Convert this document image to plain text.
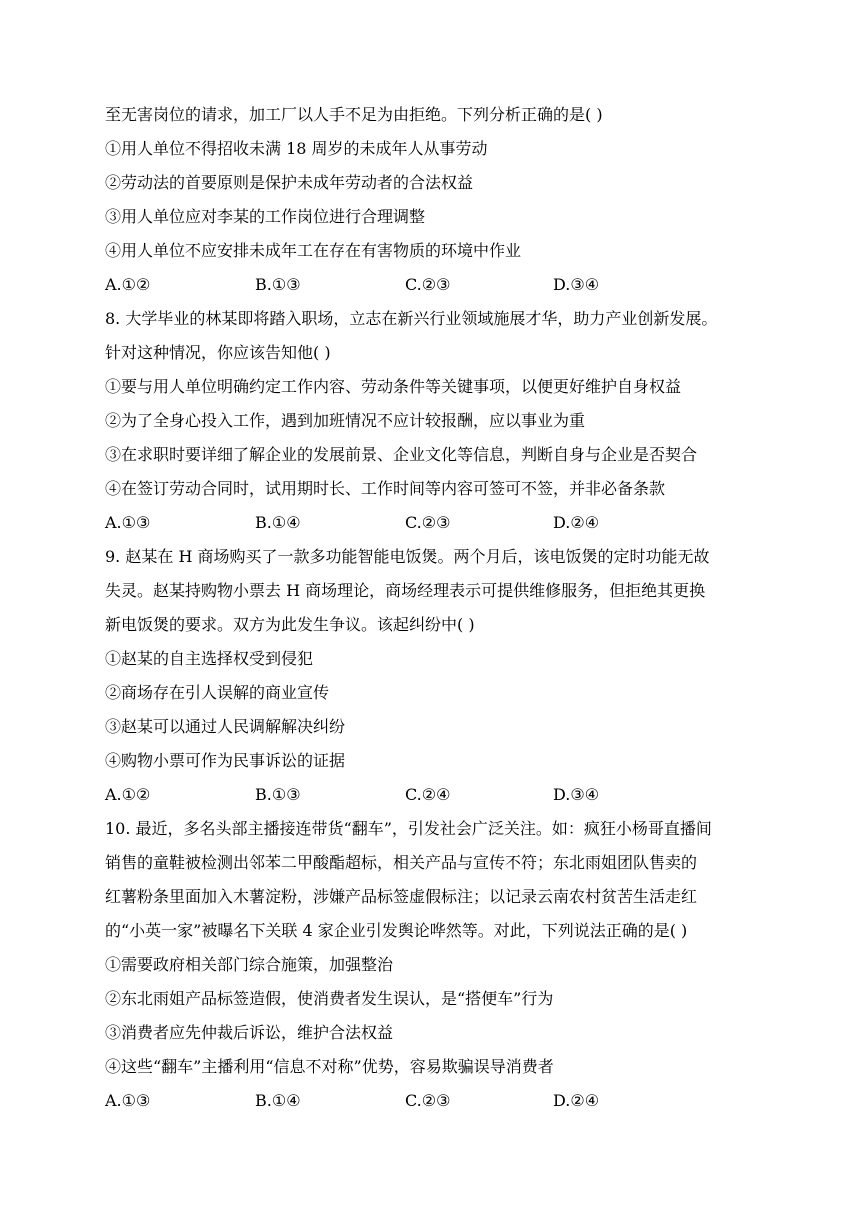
至无害岗位的请求，加工厂以人手不足为由拒绝。下列分析正确的是( )
①用人单位不得招收未满 18 周岁的未成年人从事劳动
②劳动法的首要原则是保护未成年劳动者的合法权益
③用人单位应对李某的工作岗位进行合理调整
④用人单位不应安排未成年工在存在有害物质的环境中作业
A.①②	B.①③	C.②③	D.③④
8. 大学毕业的林某即将踏入职场，立志在新兴行业领域施展才华，助力产业创新发展。
针对这种情况，你应该告知他( )
①要与用人单位明确约定工作内容、劳动条件等关键事项，以便更好维护自身权益
②为了全身心投入工作，遇到加班情况不应计较报酬，应以事业为重
③在求职时要详细了解企业的发展前景、企业文化等信息，判断自身与企业是否契合
④在签订劳动合同时，试用期时长、工作时间等内容可签可不签，并非必备条款
A.①③	B.①④	C.②③	D.②④
9. 赵某在 H 商场购买了一款多功能智能电饭煲。两个月后，该电饭煲的定时功能无故
失灵。赵某持购物小票去 H 商场理论，商场经理表示可提供维修服务，但拒绝其更换
新电饭煲的要求。双方为此发生争议。该起纠纷中( )
①赵某的自主选择权受到侵犯
②商场存在引人误解的商业宣传
③赵某可以通过人民调解解决纠纷
④购物小票可作为民事诉讼的证据
A.①②	B.①③	C.②④	D.③④
10. 最近，多名头部主播接连带货“翻车”，引发社会广泛关注。如：疯狂小杨哥直播间
销售的童鞋被检测出邻苯二甲酸酯超标，相关产品与宣传不符；东北雨姐团队售卖的
红薯粉条里面加入木薯淀粉，涉嫌产品标签虚假标注；以记录云南农村贫苦生活走红
的“小英一家”被曝名下关联 4 家企业引发舆论哗然等。对此，下列说法正确的是( )
①需要政府相关部门综合施策，加强整治
②东北雨姐产品标签造假，使消费者发生误认，是“搭便车”行为
③消费者应先仲裁后诉讼，维护合法权益
④这些“翻车”主播利用“信息不对称”优势，容易欺骗误导消费者
A.①③	B.①④	C.②③	D.②④
